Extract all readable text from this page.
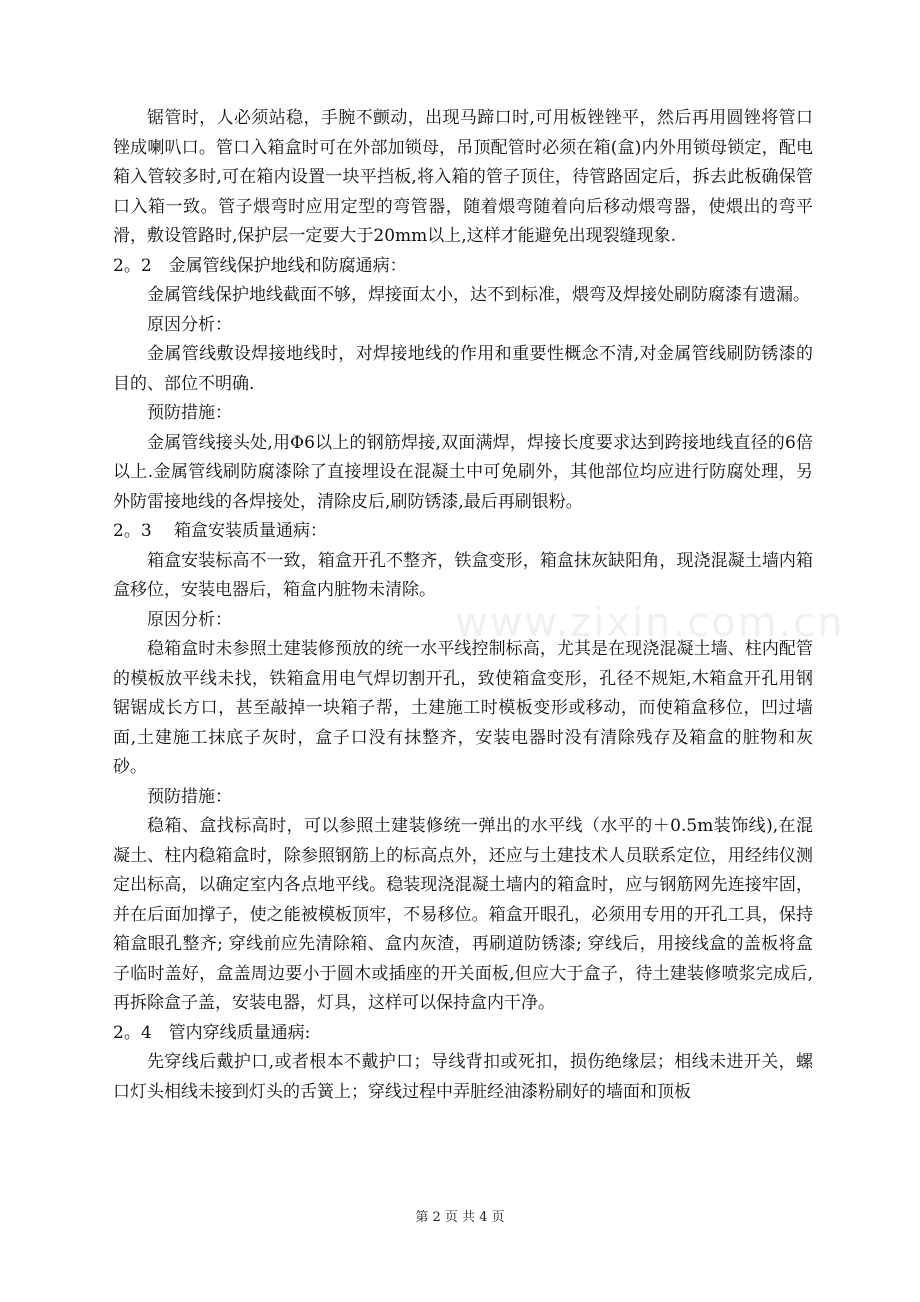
锯管时，人必须站稳，手腕不颤动，出现马蹄口时,可用板锉锉平，然后再用圆锉将管口锉成喇叭口。管口入箱盒时可在外部加锁母，吊顶配管时必须在箱(盒)内外用锁母锁定，配电箱入管较多时,可在箱内设置一块平挡板,将入箱的管子顶住，待管路固定后，拆去此板确保管口入箱一致。管子煨弯时应用定型的弯管器，随着煨弯随着向后移动煨弯器，使煨出的弯平滑，敷设管路时,保护层一定要大于20mm以上,这样才能避免出现裂缝现象.

2。2　金属管线保护地线和防腐通病：

金属管线保护地线截面不够，焊接面太小，达不到标准，煨弯及焊接处刷防腐漆有遗漏。

原因分析：

金属管线敷设焊接地线时，对焊接地线的作用和重要性概念不清,对金属管线刷防锈漆的目的、部位不明确.

预防措施：

金属管线接头处,用Φ6以上的钢筋焊接,双面满焊，焊接长度要求达到跨接地线直径的6倍以上.金属管线刷防腐漆除了直接埋设在混凝土中可免刷外，其他部位均应进行防腐处理，另外防雷接地线的各焊接处，清除皮后,刷防锈漆,最后再刷银粉。

2。3　 箱盒安装质量通病：

箱盒安装标高不一致，箱盒开孔不整齐，铁盒变形，箱盒抹灰缺阳角，现浇混凝土墙内箱盒移位，安装电器后，箱盒内脏物未清除。

原因分析：

稳箱盒时未参照土建装修预放的统一水平线控制标高，尤其是在现浇混凝土墙、柱内配管的模板放平线未找，铁箱盒用电气焊切割开孔，致使箱盒变形，孔径不规矩,木箱盒开孔用钢锯锯成长方口，甚至敲掉一块箱子帮，土建施工时模板变形或移动，而使箱盒移位，凹过墙面,土建施工抹底子灰时，盒子口没有抹整齐，安装电器时没有清除残存及箱盒的脏物和灰砂。

预防措施：

稳箱、盒找标高时，可以参照土建装修统一弹出的水平线（水平的＋0.5m装饰线),在混凝土、柱内稳箱盒时，除参照钢筋上的标高点外，还应与土建技术人员联系定位，用经纬仪测定出标高，以确定室内各点地平线。稳装现浇混凝土墙内的箱盒时，应与钢筋网先连接牢固，并在后面加撑子，使之能被模板顶牢，不易移位。箱盒开眼孔，必须用专用的开孔工具，保持箱盒眼孔整齐; 穿线前应先清除箱、盒内灰渣，再刷道防锈漆; 穿线后，用接线盒的盖板将盒子临时盖好，盒盖周边要小于圆木或插座的开关面板,但应大于盒子，待土建装修喷浆完成后,再拆除盒子盖，安装电器，灯具，这样可以保持盒内干净。

2。4　管内穿线质量通病:

先穿线后戴护口,或者根本不戴护口；导线背扣或死扣，损伤绝缘层；相线未进开关，螺口灯头相线未接到灯头的舌簧上；穿线过程中弄脏经油漆粉刷好的墙面和顶板

www.zixin.com.cn
第 2 页 共 4 页
